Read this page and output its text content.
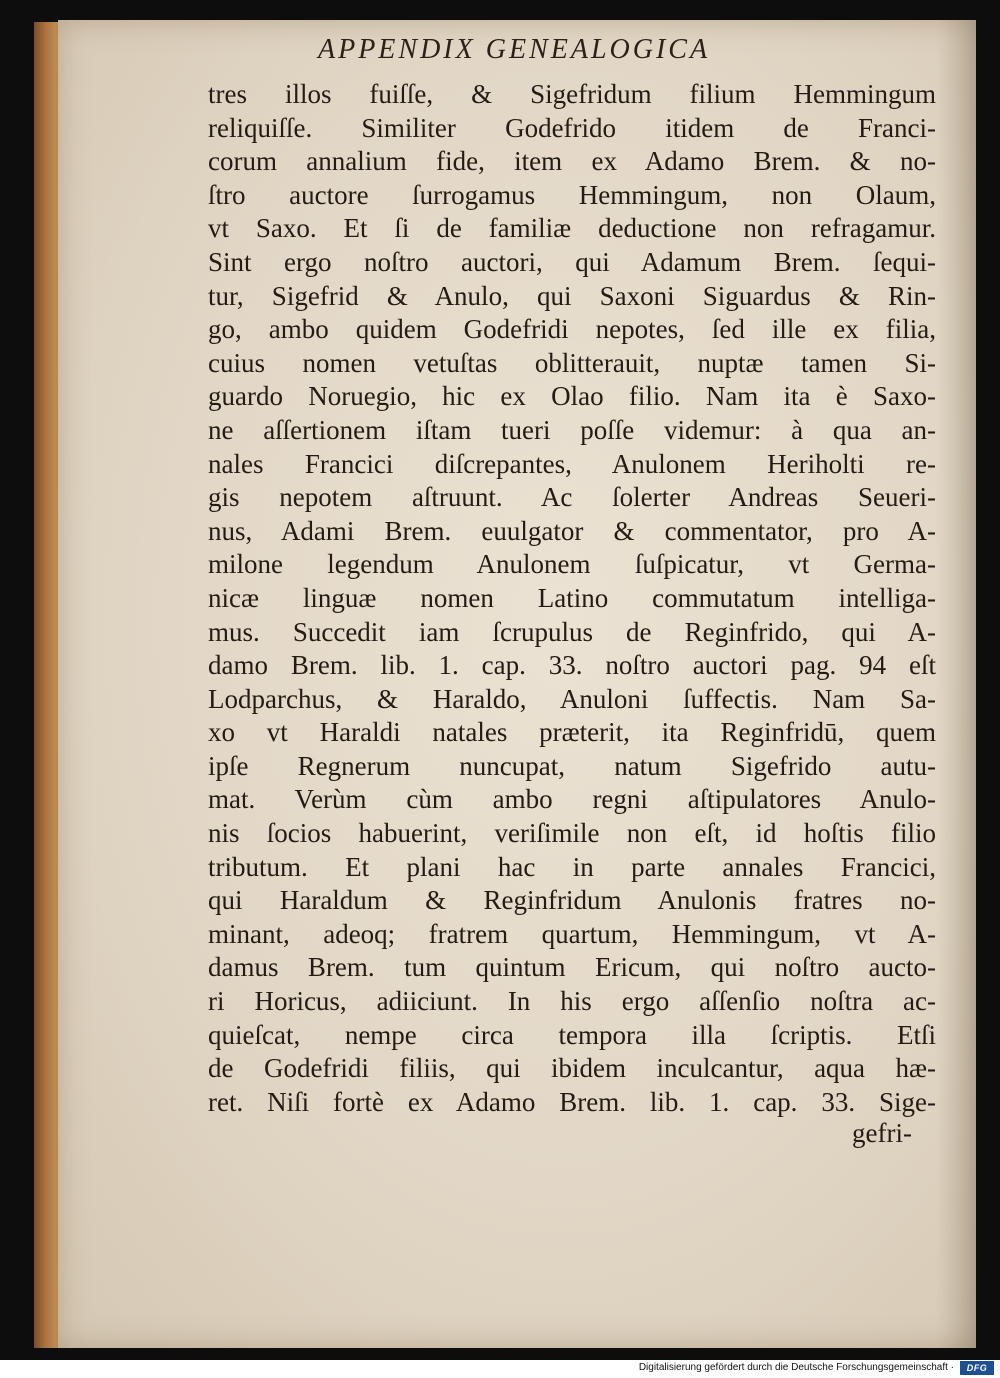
APPENDIX GENEALOGICA
tres illos fuiſſe, & Sigefridum filium Hemmingum
reliquiſſe. Similiter Godefrido itidem de Franci-
corum annalium fide, item ex Adamo Brem. & no-
ſtro auctore ſurrogamus Hemmingum, non Olaum,
vt Saxo. Et ſi de familiæ deductione non refragamur.
Sint ergo noſtro auctori, qui Adamum Brem. ſequi-
tur, Sigefrid & Anulo, qui Saxoni Siguardus & Rin-
go, ambo quidem Godefridi nepotes, ſed ille ex filia,
cuius nomen vetuſtas oblitterauit, nuptæ tamen Si-
guardo Noruegio, hic ex Olao filio. Nam ita è Saxo-
ne aſſertionem iſtam tueri poſſe videmur: à qua an-
nales Francici diſcrepantes, Anulonem Heriholti re-
gis nepotem aſtruunt. Ac ſolerter Andreas Seueri-
nus, Adami Brem. euulgator & commentator, pro A-
milone legendum Anulonem ſuſpicatur, vt Germa-
nicæ linguæ nomen Latino commutatum intelliga-
mus. Succedit iam ſcrupulus de Reginfrido, qui A-
damo Brem. lib. 1. cap. 33. noſtro auctori pag. 94 eſt
Lodparchus, & Haraldo, Anuloni ſuffectis. Nam Sa-
xo vt Haraldi natales præterit, ita Reginfridū, quem
ipſe Regnerum nuncupat, natum Sigefrido autu-
mat. Verùm cùm ambo regni aſtipulatores Anulo-
nis ſocios habuerint, veriſimile non eſt, id hoſtis filio
tributum. Et plani hac in parte annales Francici,
qui Haraldum & Reginfridum Anulonis fratres no-
minant, adeoq; fratrem quartum, Hemmingum, vt A-
damus Brem. tum quintum Ericum, qui noſtro aucto-
ri Horicus, adiiciunt. In his ergo aſſenſio noſtra ac-
quieſcat, nempe circa tempora illa ſcriptis. Etſi
de Godefridi filiis, qui ibidem inculcantur, aqua hæ-
ret. Niſi fortè ex Adamo Brem. lib. 1. cap. 33. Sige-
gefri-
Digitalisierung gefördert durch die Deutsche Forschungsgemeinschaft ·	DFG
